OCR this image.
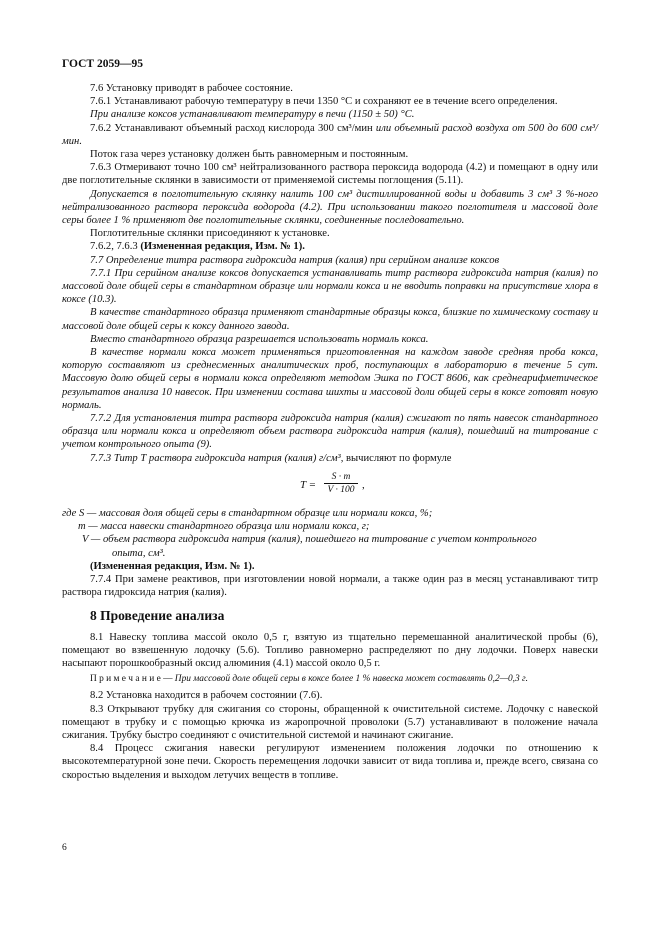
ГОСТ 2059—95

7.6 Установку приводят в рабочее состояние.

7.6.1 Устанавливают рабочую температуру в печи 1350 °С и сохраняют ее в течение всего определения.

При анализе коксов устанавливают температуру в печи (1150 ± 50) °С.

7.6.2 Устанавливают объемный расход кислорода 300 см³/мин или объемный расход воздуха от 500 до 600 см³/мин.

Поток газа через установку должен быть равномерным и постоянным.

7.6.3 Отмеривают точно 100 см³ нейтрализованного раствора пероксида водорода (4.2) и помещают в одну или две поглотительные склянки в зависимости от применяемой системы поглощения (5.11).

Допускается в поглотительную склянку налить 100 см³ дистиллированной воды и добавить 3 см³ 3 %-ного нейтрализованного раствора пероксида водорода (4.2). При использовании такого поглотителя и массовой доле серы более 1 % применяют две поглотительные склянки, соединенные последовательно.

Поглотительные склянки присоединяют к установке.

7.6.2, 7.6.3 (Измененная редакция, Изм. № 1).

7.7 Определение титра раствора гидроксида натрия (калия) при серийном анализе коксов

7.7.1 При серийном анализе коксов допускается устанавливать титр раствора гидроксида натрия (калия) по массовой доле общей серы в стандартном образце или нормали кокса и не вводить поправки на присутствие хлора в коксе (10.3).

В качестве стандартного образца применяют стандартные образцы кокса, близкие по химическому составу и массовой доле общей серы к коксу данного завода.

Вместо стандартного образца разрешается использовать нормаль кокса.

В качестве нормали кокса может применяться приготовленная на каждом заводе средняя проба кокса, которую составляют из среднесменных аналитических проб, поступающих в лабораторию в течение 5 сут. Массовую долю общей серы в нормали кокса определяют методом Эшка по ГОСТ 8606, как среднеарифметическое результатов анализа 10 навесок. При изменении состава шихты и массовой доли общей серы в коксе готовят новую нормаль.

7.7.2 Для установления титра раствора гидроксида натрия (калия) сжигают по пять навесок стандартного образца или нормали кокса и определяют объем раствора гидроксида натрия (калия), пошедший на титрование с учетом контрольного опыта (9).

7.7.3 Титр Т раствора гидроксида натрия (калия) г/см³, вычисляют по формуле

$T = \frac{S \cdot m}{V \cdot 100}$ ,

где S — массовая доля общей серы в стандартном образце или нормали кокса, %;

m — масса навески стандартного образца или нормали кокса, г;

V — объем раствора гидроксида натрия (калия), пошедшего на титрование с учетом контрольного

опыта, см³.

(Измененная редакция, Изм. № 1).

7.7.4 При замене реактивов, при изготовлении новой нормали, а также один раз в месяц устанавливают титр раствора гидроксида натрия (калия).

8 Проведение анализа

8.1 Навеску топлива массой около 0,5 г, взятую из тщательно перемешанной аналитической пробы (6), помещают во взвешенную лодочку (5.6). Топливо равномерно распределяют по дну лодочки. Поверх навески насыпают порошкообразный оксид алюминия (4.1) массой около 0,5 г.

П р и м е ч а н и е — При массовой доле общей серы в коксе более 1 % навеска может составлять 0,2—0,3 г.

8.2 Установка находится в рабочем состоянии (7.6).

8.3 Открывают трубку для сжигания со стороны, обращенной к очистительной системе. Лодочку с навеской помещают в трубку и с помощью крючка из жаропрочной проволоки (5.7) устанавливают в положение начала сжигания. Трубку быстро соединяют с очистительной системой и начинают сжигание.

8.4 Процесс сжигания навески регулируют изменением положения лодочки по отношению к высокотемпературной зоне печи. Скорость перемещения лодочки зависит от вида топлива и, прежде всего, связана со скоростью выделения и выходом летучих веществ в топливе.

6
